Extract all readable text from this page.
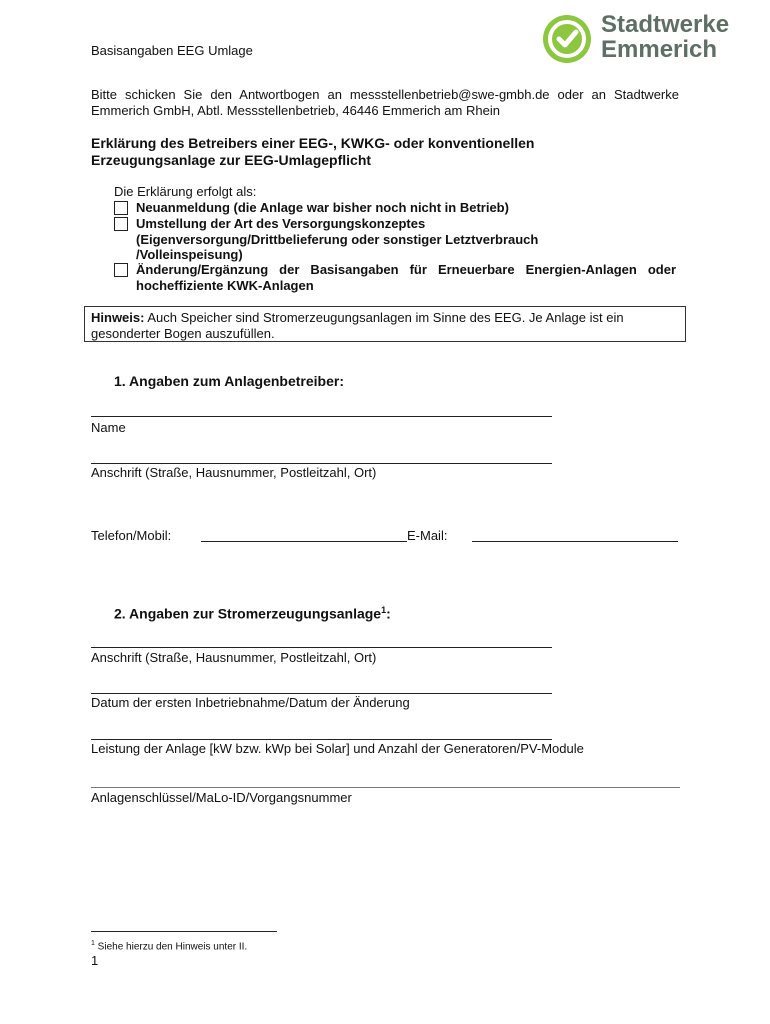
Basisangaben EEG Umlage
Stadtwerke
Emmerich
Bitte schicken Sie den Antwortbogen an messstellenbetrieb@swe-gmbh.de oder an Stadtwerke Emmerich GmbH, Abtl. Messstellenbetrieb, 46446 Emmerich am Rhein
Erklärung des Betreibers einer EEG-, KWKG- oder konventionellen
Erzeugungsanlage zur EEG-Umlagepflicht
Die Erklärung erfolgt als:
Neuanmeldung (die Anlage war bisher noch nicht in Betrieb)
Umstellung der Art des Versorgungskonzeptes (Eigenversorgung/Drittbelieferung oder sonstiger Letztverbrauch /Volleinspeisung)
Änderung/Ergänzung der Basisangaben für Erneuerbare Energien-Anlagen oder hocheffiziente KWK-Anlagen
Hinweis: Auch Speicher sind Stromerzeugungsanlagen im Sinne des EEG. Je Anlage ist ein gesonderter Bogen auszufüllen.
1. Angaben zum Anlagenbetreiber:
Name
Anschrift (Straße, Hausnummer, Postleitzahl, Ort)
Telefon/Mobil:	E-Mail:
2. Angaben zur Stromerzeugungsanlage$^1$:
Anschrift (Straße, Hausnummer, Postleitzahl, Ort)
Datum der ersten Inbetriebnahme/Datum der Änderung
Leistung der Anlage [kW bzw. kWp bei Solar] und Anzahl der Generatoren/PV-Module
Anlagenschlüssel/MaLo-ID/Vorgangsnummer
$^1$ Siehe hierzu den Hinweis unter II.
1
